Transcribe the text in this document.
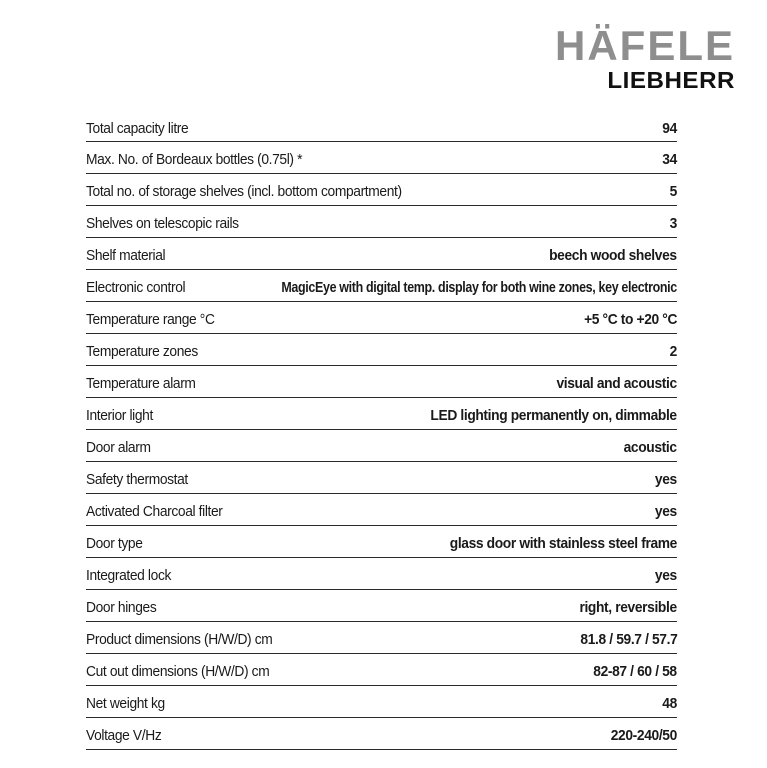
HÄFELE
LIEBHERR
Total capacity litre	94
Max. No. of Bordeaux bottles (0.75l) *	34
Total no. of storage shelves (incl. bottom compartment)	5
Shelves on telescopic rails	3
Shelf material	beech wood shelves
Electronic control	MagicEye with digital temp. display for both wine zones, key electronic
Temperature range °C	+5 °C to +20 °C
Temperature zones	2
Temperature alarm	visual and acoustic
Interior light	LED lighting permanently on, dimmable
Door alarm	acoustic
Safety thermostat	yes
Activated Charcoal filter	yes
Door type	glass door with stainless steel frame
Integrated lock	yes
Door hinges	right, reversible
Product dimensions (H/W/D) cm	81.8 / 59.7 / 57.7
Cut out dimensions (H/W/D) cm	82-87 / 60 / 58
Net weight kg	48
Voltage V/Hz	220-240/50
